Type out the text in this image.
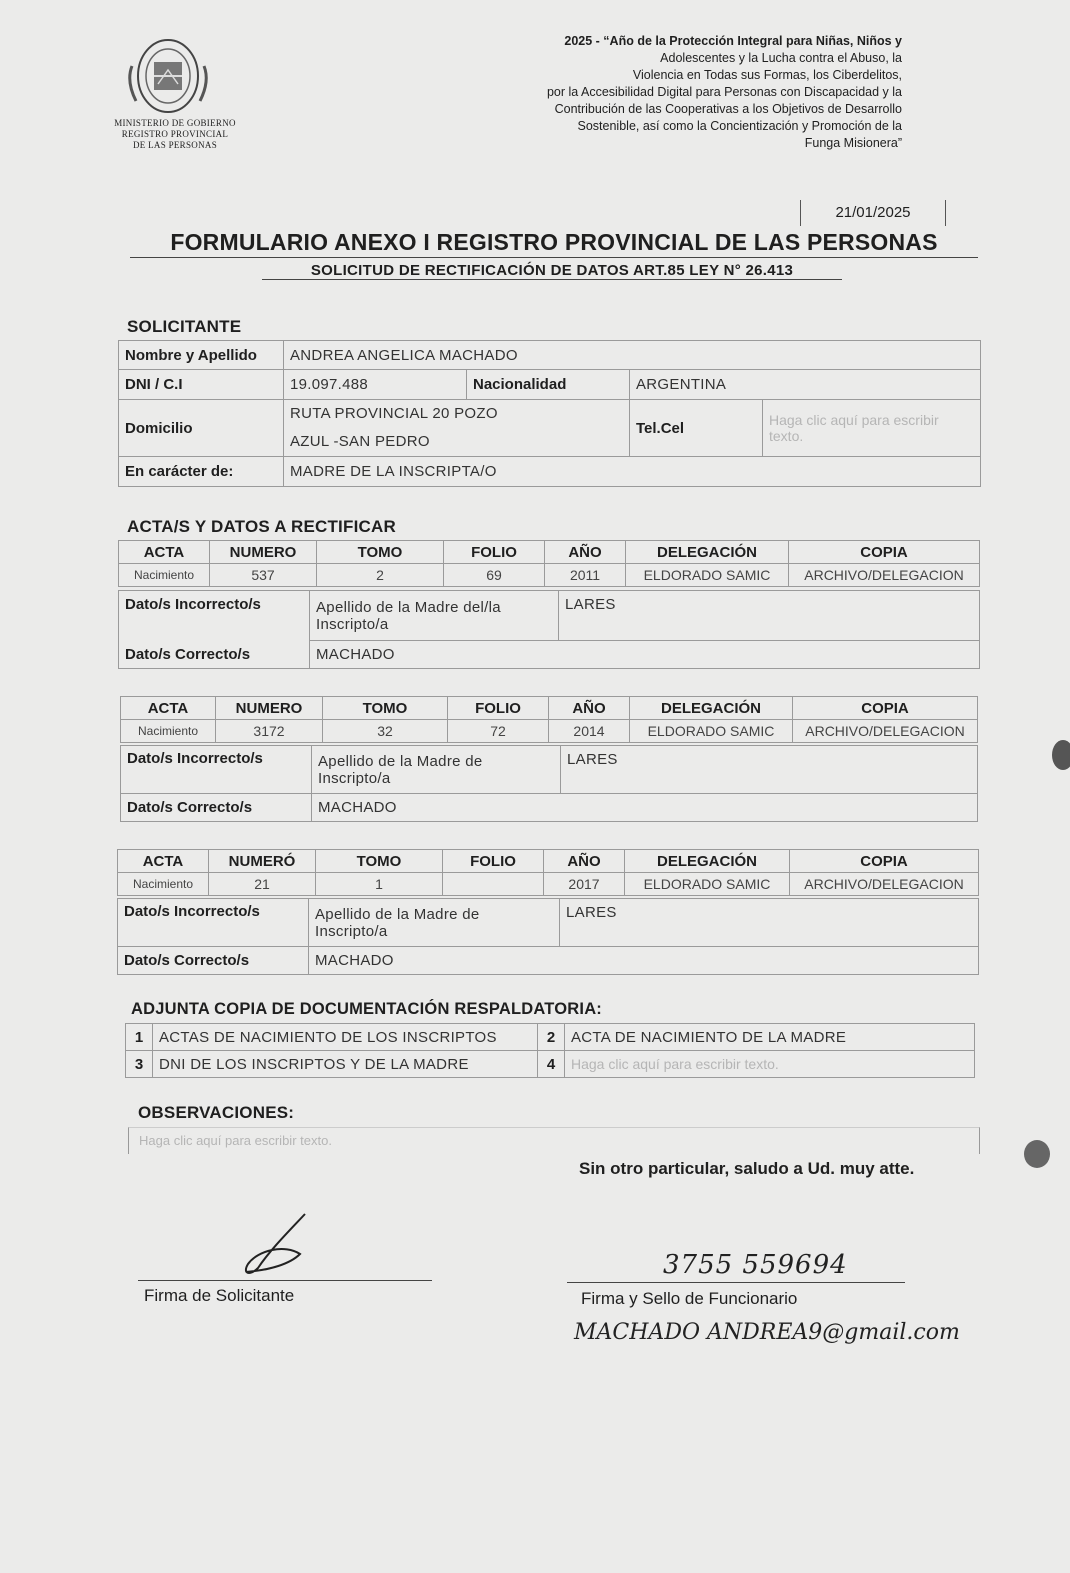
MINISTERIO DE GOBIERNO
REGISTRO PROVINCIAL
DE LAS PERSONAS

2025 - “Año de la Protección Integral para Niñas, Niños y

Adolescentes y la Lucha contra el Abuso, la

Violencia en Todas sus Formas, los Ciberdelitos,

por la Accesibilidad Digital para Personas con Discapacidad y la

Contribución de las Cooperativas a los Objetivos de Desarrollo

Sostenible, así como la Concientización y Promoción de la

Funga Misionera”

21/01/2025
FORMULARIO ANEXO I REGISTRO PROVINCIAL DE LAS PERSONAS
SOLICITUD DE RECTIFICACIÓN DE DATOS ART.85 LEY N° 26.413
SOLICITANTE
Nombre y Apellido	ANDREA ANGELICA MACHADO			
DNI / C.I	19.097.488	Nacionalidad	ARGENTINA	
Domicilio	RUTA PROVINCIAL 20 POZO
AZUL -SAN PEDRO		Tel.Cel	Haga clic aquí para escribir texto.
En carácter de:	MADRE DE LA INSCRIPTA/O			
ACTA/S Y DATOS A RECTIFICAR
ACTA	NUMERO	TOMO	FOLIO	AÑO	DELEGACIÓN	COPIA
Nacimiento	537	2	69	2011	ELDORADO SAMIC	ARCHIVO/DELEGACION
Dato/s Incorrecto/s	Apellido de la Madre del/la
Inscripto/a	LARES
Dato/s Correcto/s	MACHADO	
ACTA	NUMERO	TOMO	FOLIO	AÑO	DELEGACIÓN	COPIA
Nacimiento	3172	32	72	2014	ELDORADO SAMIC	ARCHIVO/DELEGACION
Dato/s Incorrecto/s	Apellido de la Madre de
Inscripto/a	LARES
Dato/s Correcto/s	MACHADO	
ACTA	NUMERÓ	TOMO	FOLIO	AÑO	DELEGACIÓN	COPIA
Nacimiento	21	1		2017	ELDORADO SAMIC	ARCHIVO/DELEGACION
Dato/s Incorrecto/s	Apellido de la Madre de
Inscripto/a	LARES
Dato/s Correcto/s	MACHADO	
ADJUNTA COPIA DE DOCUMENTACIÓN RESPALDATORIA:
1	ACTAS DE NACIMIENTO DE LOS INSCRIPTOS	2	ACTA DE NACIMIENTO DE LA MADRE
3	DNI DE LOS INSCRIPTOS Y DE LA MADRE	4	Haga clic aquí para escribir texto.
OBSERVACIONES:
Haga clic aquí para escribir texto.
Sin otro particular, saludo a Ud. muy atte.
Firma de Solicitante
3755 559694
Firma y Sello de Funcionario
MACHADO ANDREA9@gmail.com
